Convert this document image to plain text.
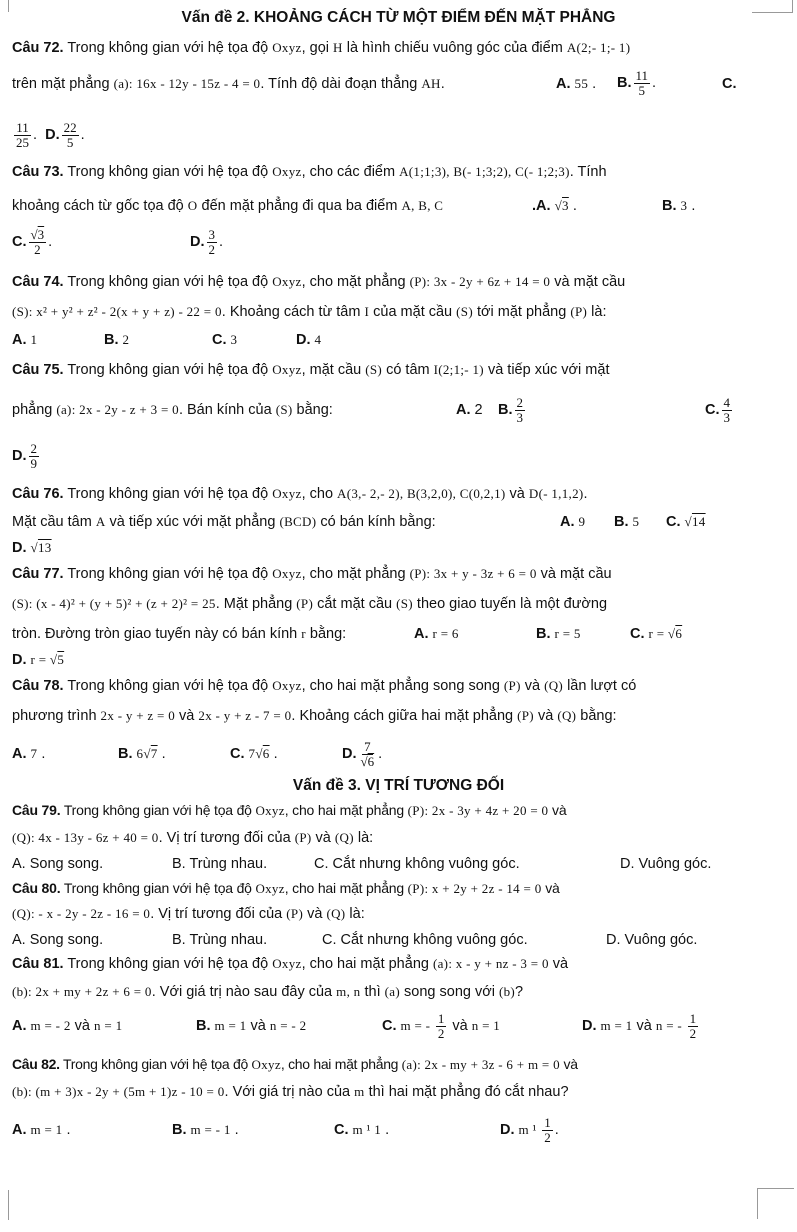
Vấn đề 2. KHOẢNG CÁCH TỪ MỘT ĐIỂM ĐẾN MẶT PHẲNG
Câu 72. Trong không gian với hệ tọa độ Oxyz, gọi H là hình chiếu vuông góc của điểm A(2;- 1;- 1)
trên mặt phẳng (a): 16x - 12y - 15z - 4 = 0. Tính độ dài đoạn thẳng AH.	A. 55 . B. $\frac{11}{5}$ .	C.
$\frac{11}{25}$ .  D. $\frac{22}{5}$ .
Câu 73. Trong không gian với hệ tọa độ Oxyz, cho các điểm A(1;1;3), B(- 1;3;2), C(- 1;2;3). Tính
khoảng cách từ gốc tọa độ O đến mặt phẳng đi qua ba điểm A, B, C	.A. √3 .	B. 3 .
C. $\frac{√3}{2}$ .	D. $\frac{3}{2}$ .
Câu 74. Trong không gian với hệ tọa độ Oxyz, cho mặt phẳng (P): 3x - 2y + 6z + 14 = 0 và mặt cầu
(S): x² + y² + z² - 2(x + y + z) - 22 = 0. Khoảng cách từ tâm I của mặt cầu (S) tới mặt phẳng (P) là:
A. 1	B. 2	C. 3	D. 4
Câu 75. Trong không gian với hệ tọa độ Oxyz, mặt cầu (S) có tâm I(2;1;- 1) và tiếp xúc với mặt
phẳng (a): 2x - 2y - z + 3 = 0. Bán kính của (S) bằng:	A. 2 B. $\frac{2}{3}$	C. $\frac{4}{3}$
D. $\frac{2}{9}$
Câu 76. Trong không gian với hệ tọa độ Oxyz, cho A(3,- 2,- 2), B(3,2,0), C(0,2,1) và D(- 1,1,2).
Mặt cầu tâm A và tiếp xúc với mặt phẳng (BCD) có bán kính bằng:	A. 9 B. 5 C. √14
D. √13
Câu 77. Trong không gian với hệ tọa độ Oxyz, cho mặt phẳng (P): 3x + y - 3z + 6 = 0 và mặt cầu
(S): (x - 4)² + (y + 5)² + (z + 2)² = 25. Mặt phẳng (P) cắt mặt cầu (S) theo giao tuyến là một đường
tròn. Đường tròn giao tuyến này có bán kính r bằng:	A. r = 6	B. r = 5	C. r = √6
D. r = √5
Câu 78. Trong không gian với hệ tọa độ Oxyz, cho hai mặt phẳng song song (P) và (Q) lần lượt có
phương trình 2x - y + z = 0 và 2x - y + z - 7 = 0. Khoảng cách giữa hai mặt phẳng (P) và (Q) bằng:
A. 7 .	B. 6√7 .	C. 7√6 .	D. $\frac{7}{√6}$ .
Vấn đề 3. VỊ TRÍ TƯƠNG ĐỐI
Câu 79. Trong không gian với hệ tọa độ Oxyz, cho hai mặt phẳng (P): 2x - 3y + 4z + 20 = 0 và
(Q): 4x - 13y - 6z + 40 = 0. Vị trí tương đối của (P) và (Q) là:
A. Song song.	B. Trùng nhau.	C. Cắt nhưng không vuông góc.	D. Vuông góc.
Câu 80. Trong không gian với hệ tọa độ Oxyz, cho hai mặt phẳng (P): x + 2y + 2z - 14 = 0 và
(Q): - x - 2y - 2z - 16 = 0. Vị trí tương đối của (P) và (Q) là:
A. Song song.	B. Trùng nhau.	C. Cắt nhưng không vuông góc.	D. Vuông góc.
Câu 81. Trong không gian với hệ tọa độ Oxyz, cho hai mặt phẳng (a): x - y + nz - 3 = 0 và
(b): 2x + my + 2z + 6 = 0. Với giá trị nào sau đây của m, n thì (a) song song với (b)?
A. m = - 2 và n = 1	B. m = 1 và n = - 2	C. m = - $\frac{1}{2}$ và n = 1	D. m = 1 và n = - $\frac{1}{2}$
Câu 82. Trong không gian với hệ tọa độ Oxyz, cho hai mặt phẳng (a): 2x - my + 3z - 6 + m = 0 và
(b): (m + 3)x - 2y + (5m + 1)z - 10 = 0. Với giá trị nào của m thì hai mặt phẳng đó cắt nhau?
A. m = 1 .	B. m = - 1 .	C. m ¹ 1 .	D. m $^1 \frac{1}{2}$ .
